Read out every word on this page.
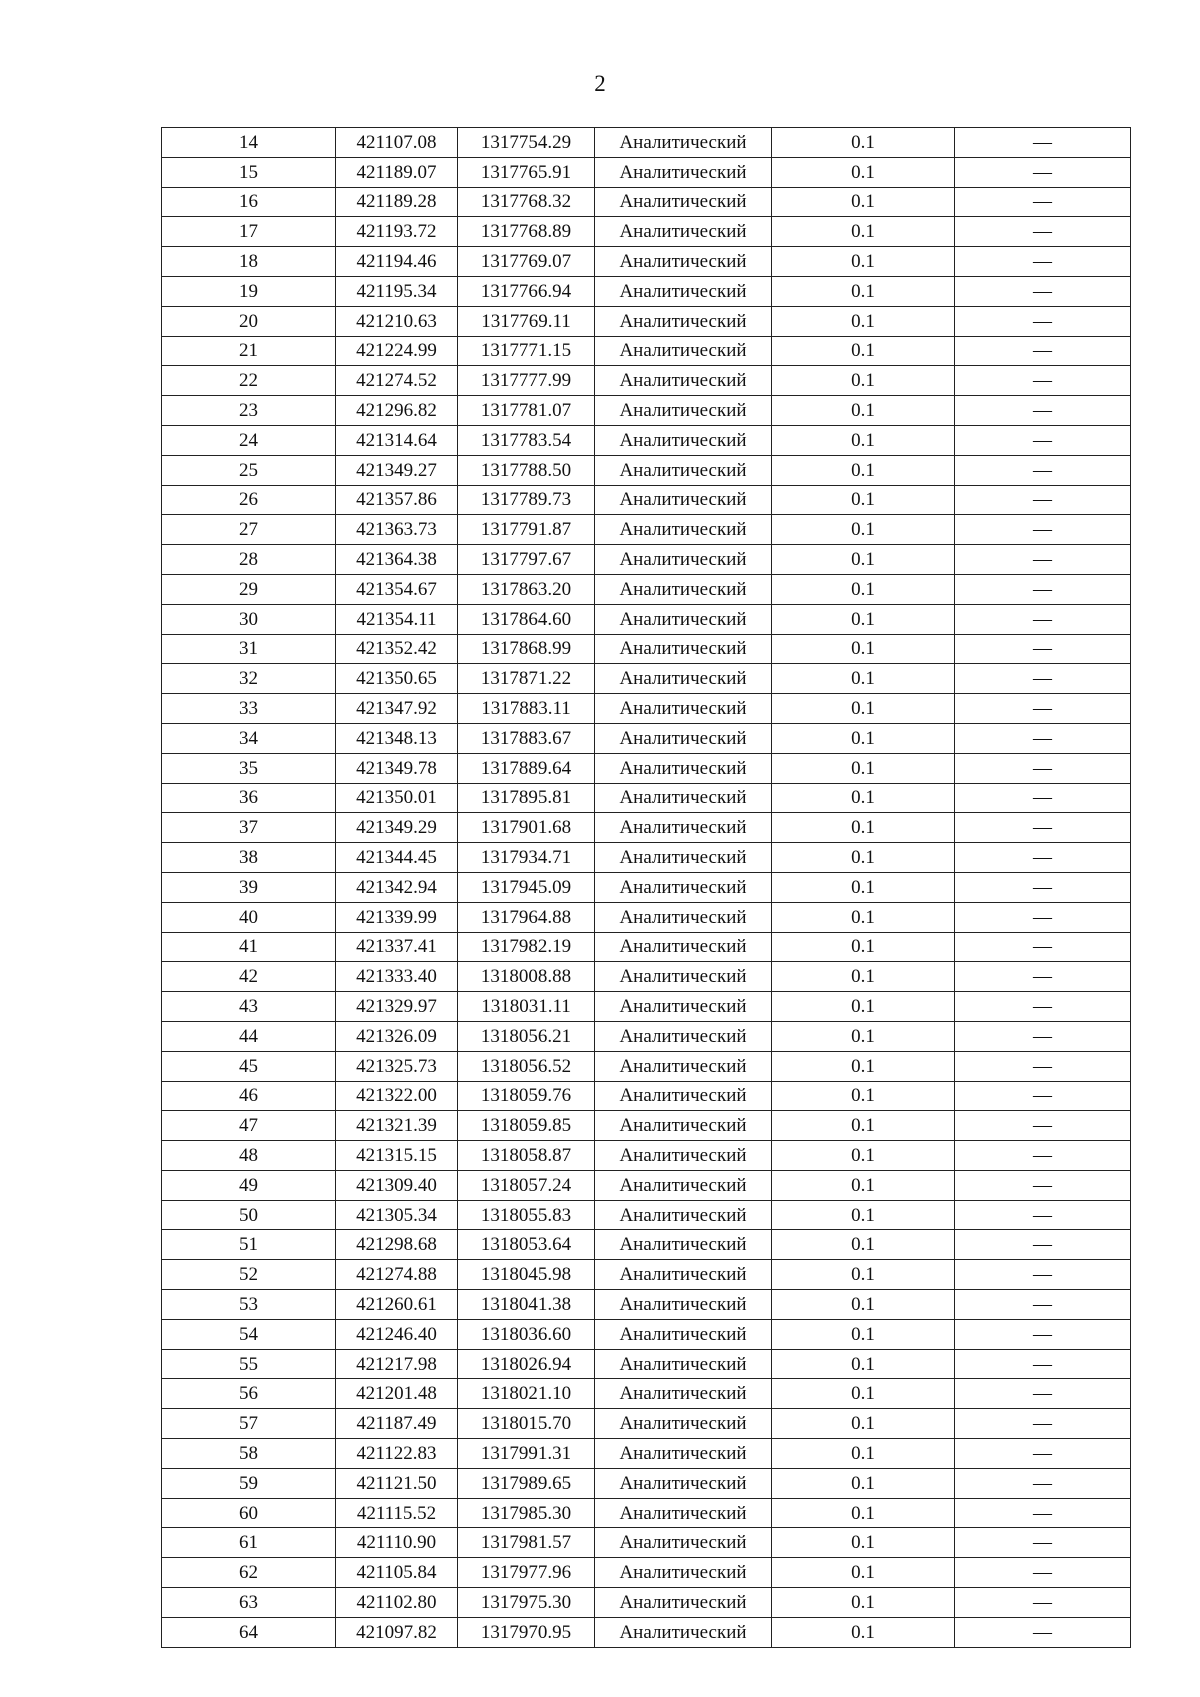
2
14	421107.08	1317754.29	Аналитический	0.1	—
15	421189.07	1317765.91	Аналитический	0.1	—
16	421189.28	1317768.32	Аналитический	0.1	—
17	421193.72	1317768.89	Аналитический	0.1	—
18	421194.46	1317769.07	Аналитический	0.1	—
19	421195.34	1317766.94	Аналитический	0.1	—
20	421210.63	1317769.11	Аналитический	0.1	—
21	421224.99	1317771.15	Аналитический	0.1	—
22	421274.52	1317777.99	Аналитический	0.1	—
23	421296.82	1317781.07	Аналитический	0.1	—
24	421314.64	1317783.54	Аналитический	0.1	—
25	421349.27	1317788.50	Аналитический	0.1	—
26	421357.86	1317789.73	Аналитический	0.1	—
27	421363.73	1317791.87	Аналитический	0.1	—
28	421364.38	1317797.67	Аналитический	0.1	—
29	421354.67	1317863.20	Аналитический	0.1	—
30	421354.11	1317864.60	Аналитический	0.1	—
31	421352.42	1317868.99	Аналитический	0.1	—
32	421350.65	1317871.22	Аналитический	0.1	—
33	421347.92	1317883.11	Аналитический	0.1	—
34	421348.13	1317883.67	Аналитический	0.1	—
35	421349.78	1317889.64	Аналитический	0.1	—
36	421350.01	1317895.81	Аналитический	0.1	—
37	421349.29	1317901.68	Аналитический	0.1	—
38	421344.45	1317934.71	Аналитический	0.1	—
39	421342.94	1317945.09	Аналитический	0.1	—
40	421339.99	1317964.88	Аналитический	0.1	—
41	421337.41	1317982.19	Аналитический	0.1	—
42	421333.40	1318008.88	Аналитический	0.1	—
43	421329.97	1318031.11	Аналитический	0.1	—
44	421326.09	1318056.21	Аналитический	0.1	—
45	421325.73	1318056.52	Аналитический	0.1	—
46	421322.00	1318059.76	Аналитический	0.1	—
47	421321.39	1318059.85	Аналитический	0.1	—
48	421315.15	1318058.87	Аналитический	0.1	—
49	421309.40	1318057.24	Аналитический	0.1	—
50	421305.34	1318055.83	Аналитический	0.1	—
51	421298.68	1318053.64	Аналитический	0.1	—
52	421274.88	1318045.98	Аналитический	0.1	—
53	421260.61	1318041.38	Аналитический	0.1	—
54	421246.40	1318036.60	Аналитический	0.1	—
55	421217.98	1318026.94	Аналитический	0.1	—
56	421201.48	1318021.10	Аналитический	0.1	—
57	421187.49	1318015.70	Аналитический	0.1	—
58	421122.83	1317991.31	Аналитический	0.1	—
59	421121.50	1317989.65	Аналитический	0.1	—
60	421115.52	1317985.30	Аналитический	0.1	—
61	421110.90	1317981.57	Аналитический	0.1	—
62	421105.84	1317977.96	Аналитический	0.1	—
63	421102.80	1317975.30	Аналитический	0.1	—
64	421097.82	1317970.95	Аналитический	0.1	—
